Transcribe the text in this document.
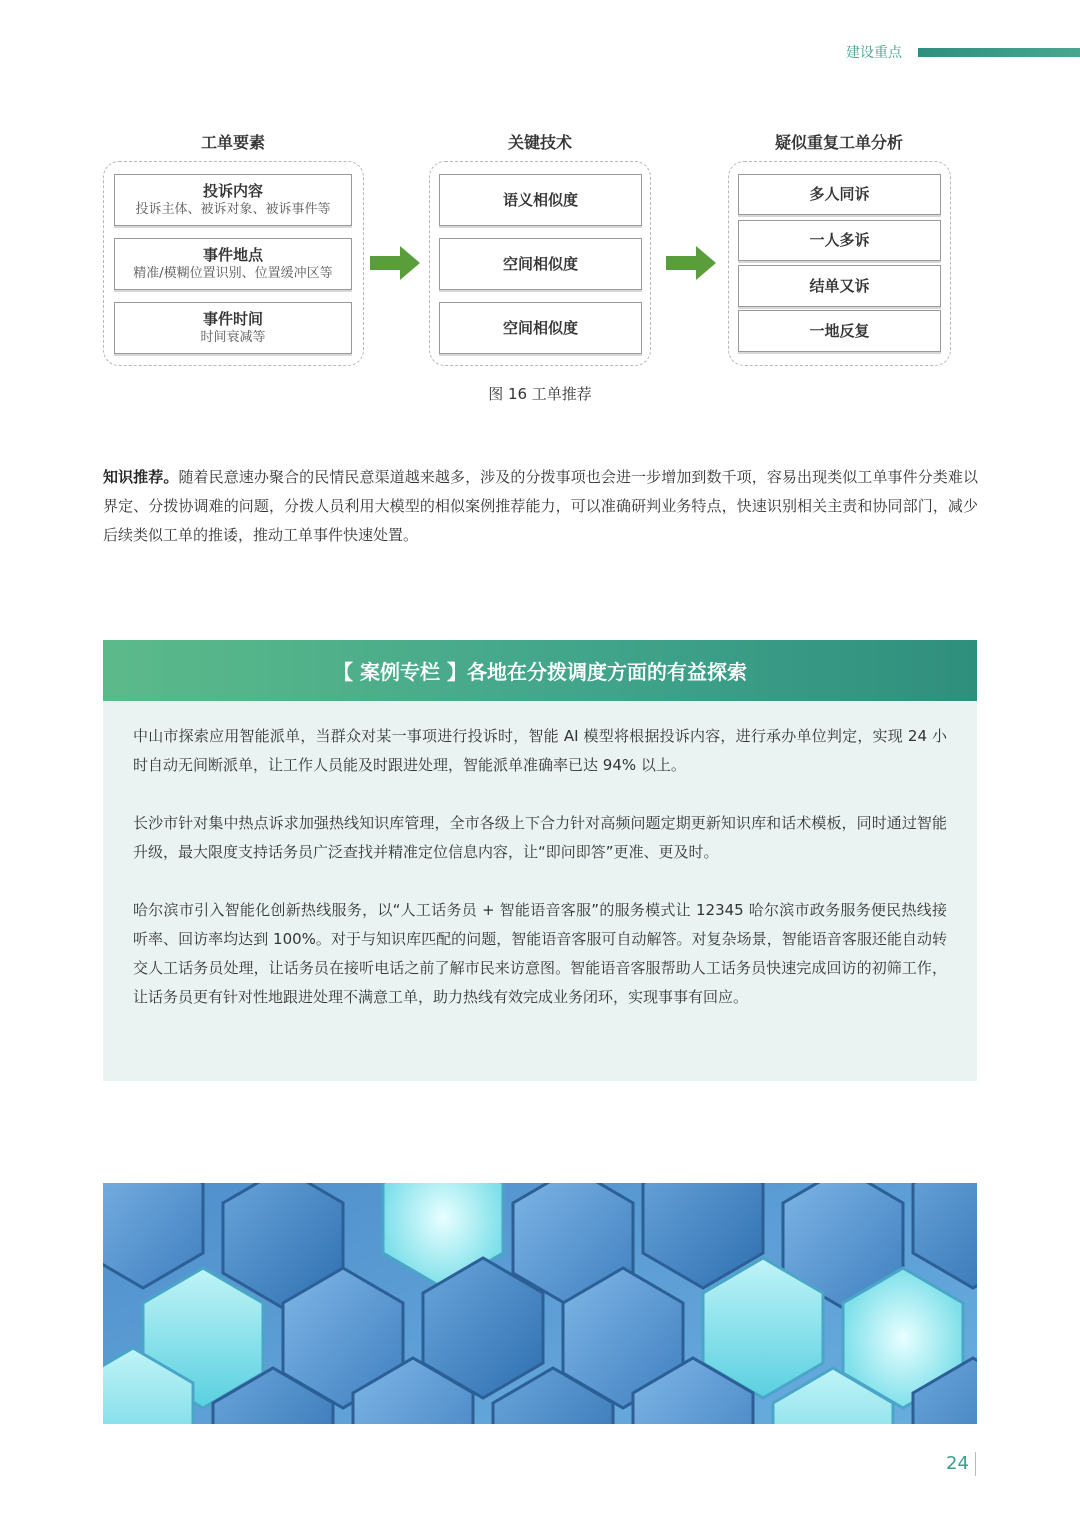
建设重点
工单要素	关键技术	疑似重复工单分析
投诉内容
投诉主体、被诉对象、被诉事件等
事件地点
精准/模糊位置识别、位置缓冲区等
事件时间
时间衰减等
语义相似度
空间相似度
空间相似度
多人同诉
一人多诉
结单又诉
一地反复
图 16 工单推荐
知识推荐。随着民意速办聚合的民情民意渠道越来越多，涉及的分拨事项也会进一步增加到数千项，容易出现类似工单事件分类难以界定、分拨协调难的问题，分拨人员利用大模型的相似案例推荐能力，可以准确研判业务特点，快速识别相关主责和协同部门，减少后续类似工单的推诿，推动工单事件快速处置。
【 案例专栏 】各地在分拨调度方面的有益探索

中山市探索应用智能派单，当群众对某一事项进行投诉时，智能 AI 模型将根据投诉内容，进行承办单位判定，实现 24 小时自动无间断派单，让工作人员能及时跟进处理，智能派单准确率已达 94% 以上。

长沙市针对集中热点诉求加强热线知识库管理，全市各级上下合力针对高频问题定期更新知识库和话术模板，同时通过智能升级，最大限度支持话务员广泛查找并精准定位信息内容，让“即问即答”更准、更及时。

哈尔滨市引入智能化创新热线服务，以“人工话务员 + 智能语音客服”的服务模式让 12345 哈尔滨市政务服务便民热线接听率、回访率均达到 100%。对于与知识库匹配的问题，智能语音客服可自动解答。对复杂场景，智能语音客服还能自动转交人工话务员处理，让话务员在接听电话之前了解市民来访意图。智能语音客服帮助人工话务员快速完成回访的初筛工作，让话务员更有针对性地跟进处理不满意工单，助力热线有效完成业务闭环，实现事事有回应。

24
